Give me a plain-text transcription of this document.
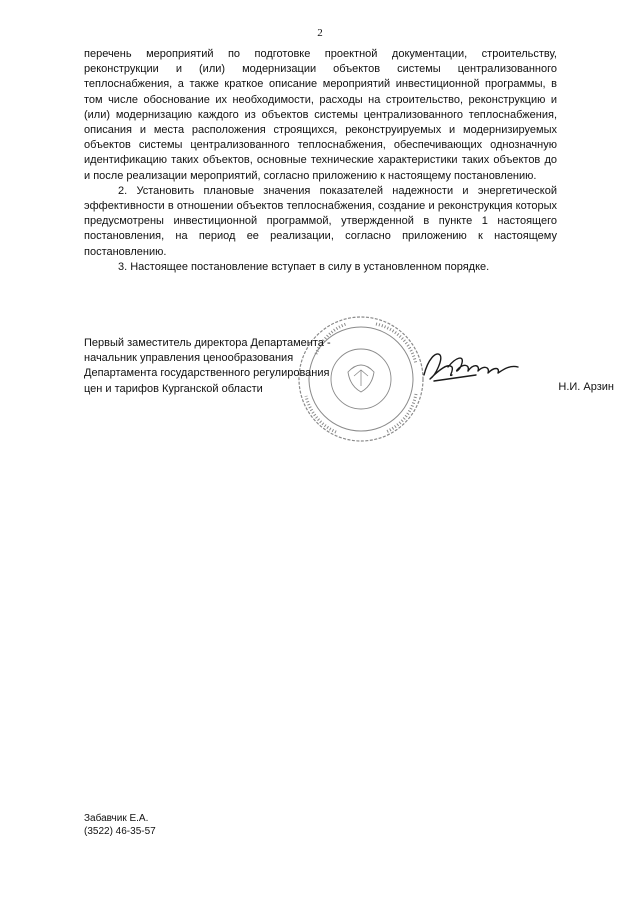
2

перечень мероприятий по подготовке проектной документации, строительству, реконструкции и (или) модернизации объектов системы централизованного теплоснабжения, а также краткое описание мероприятий инвестиционной программы, в том числе обоснование их необходимости, расходы на строительство, реконструкцию и (или) модернизацию каждого из объектов системы централизованного теплоснабжения, описания и места расположения строящихся, реконструируемых и модернизируемых объектов системы централизованного теплоснабжения, обеспечивающих однозначную идентификацию таких объектов, основные технические характеристики таких объектов до и после реализации мероприятий, согласно приложению к настоящему постановлению.

2. Установить плановые значения показателей надежности и энергетической эффективности в отношении объектов теплоснабжения, создание и реконструкция которых предусмотрены инвестиционной программой, утвержденной в пункте 1 настоящего постановления, на период ее реализации, согласно приложению к настоящему постановлению.

3. Настоящее постановление вступает в силу в установленном порядке.

Первый заместитель директора Департамента -
начальник управления ценообразования
Департамента государственного регулирования
цен и тарифов Курганской области	Н.И. Арзин
Забавчик Е.А.
(3522) 46-35-57
